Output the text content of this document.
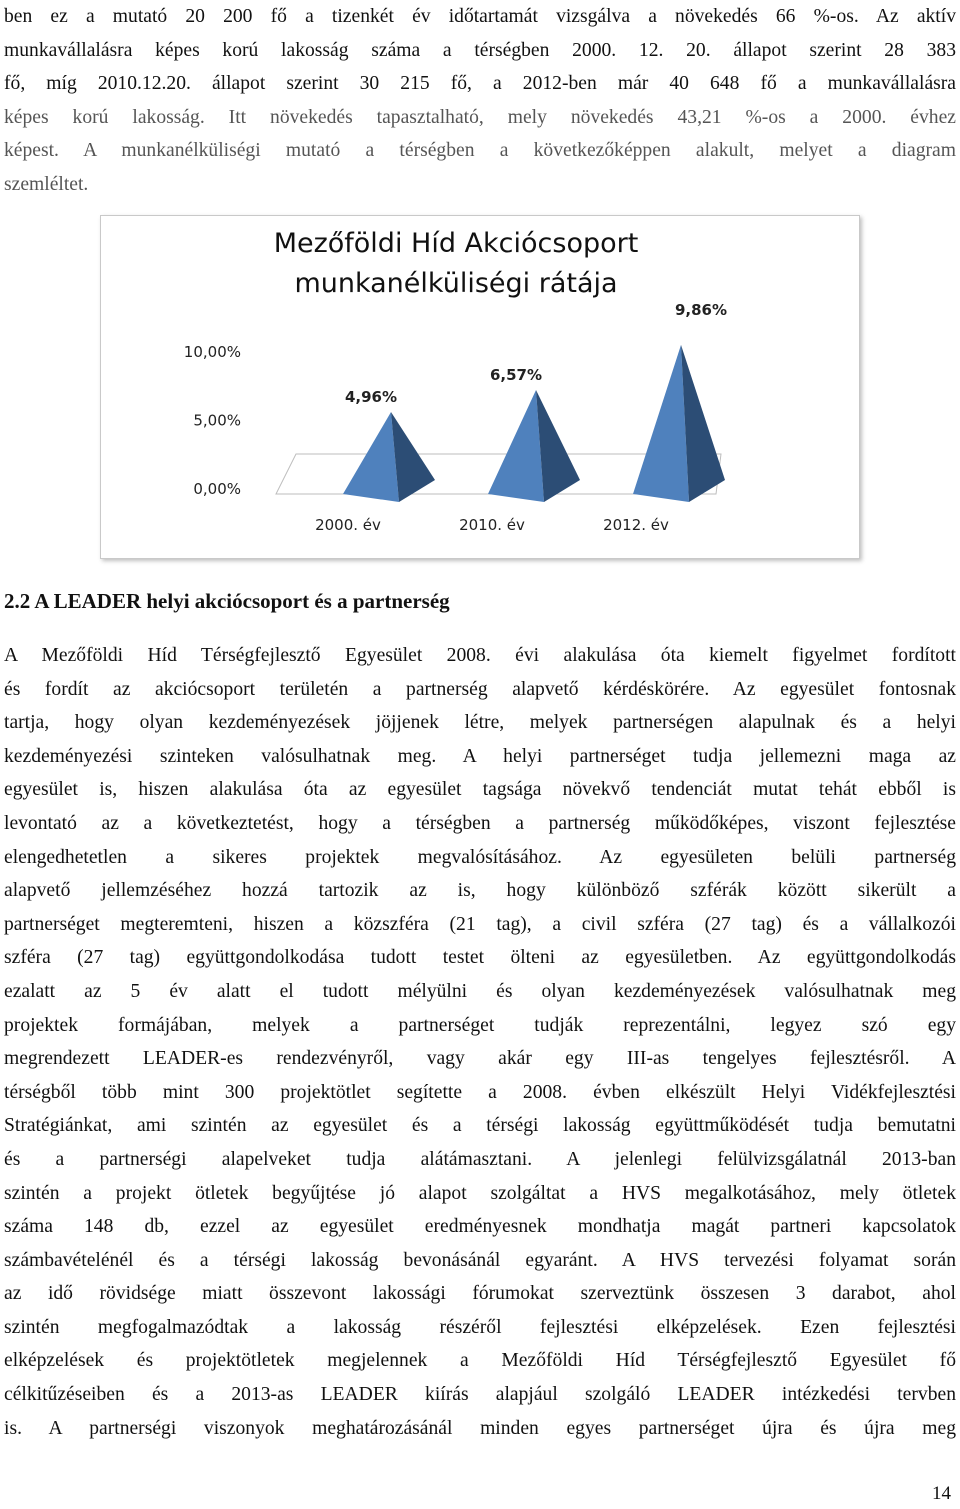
ben ez a mutató 20 200 fő a tizenkét év időtartamát vizsgálva a növekedés 66 %-os. Az aktív
munkavállalásra képes korú lakosság száma a térségben 2000. 12. 20. állapot szerint 28 383
fő, míg 2010.12.20. állapot szerint 30 215 fő, a 2012-ben már 40 648 fő a munkavállalásra
képes korú lakosság. Itt növekedés tapasztalható, mely növekedés 43,21 %-os a 2000. évhez
képest. A munkanélküliségi mutató a térségben a következőképpen alakult, melyet a diagram
szemléltet.
0,00%
5,00%
10,00%
4,96%
2000. év
6,57%
2010. év
9,86%
2012. év
Mezőföldi Híd Akciócsoport
munkanélküliségi rátája
2.2 A LEADER helyi akciócsoport és a partnerség
A Mezőföldi Híd Térségfejlesztő Egyesület 2008. évi alakulása óta kiemelt figyelmet fordított
és fordít az akciócsoport területén a partnerség alapvető kérdéskörére. Az egyesület fontosnak
tartja, hogy olyan kezdeményezések jöjjenek létre, melyek partnerségen alapulnak és a helyi
kezdeményezési szinteken valósulhatnak meg. A helyi partnerséget tudja jellemezni maga az
egyesület is, hiszen alakulása óta az egyesület tagsága növekvő tendenciát mutat tehát ebből is
levontató az a következtetést, hogy a térségben a partnerség működőképes, viszont fejlesztése
elengedhetetlen a sikeres projektek megvalósításához. Az egyesületen belüli partnerség
alapvető jellemzéséhez hozzá tartozik az is, hogy különböző szférák között sikerült a
partnerséget megteremteni, hiszen a közszféra (21 tag), a civil szféra (27 tag) és a vállalkozói
szféra (27 tag) együttgondolkodása tudott testet ölteni az egyesületben. Az együttgondolkodás
ezalatt az 5 év alatt el tudott mélyülni és olyan kezdeményezések valósulhatnak meg
projektek formájában, melyek a partnerséget tudják reprezentálni, legyez szó egy
megrendezett LEADER-es rendezvényről, vagy akár egy III-as tengelyes fejlesztésről. A
térségből több mint 300 projektötlet segítette a 2008. évben elkészült Helyi Vidékfejlesztési
Stratégiánkat, ami szintén az egyesület és a térségi lakosság együttműködését tudja bemutatni
és a partnerségi alapelveket tudja alátámasztani. A jelenlegi felülvizsgálatnál 2013-ban
szintén a projekt ötletek begyűjtése jó alapot szolgáltat a HVS megalkotásához, mely ötletek
száma 148 db, ezzel az egyesület eredményesnek mondhatja magát partneri kapcsolatok
számbavételénél és a térségi lakosság bevonásánál egyaránt. A HVS tervezési folyamat során
az idő rövidsége miatt összevont lakossági fórumokat szerveztünk összesen 3 darabot, ahol
szintén megfogalmazódtak a lakosság részéről fejlesztési elképzelések. Ezen fejlesztési
elképzelések és projektötletek megjelennek a Mezőföldi Híd Térségfejlesztő Egyesület fő
célkitűzéseiben és a 2013-as LEADER kiírás alapjául szolgáló LEADER intézkedési tervben
is. A partnerségi viszonyok meghatározásánál minden egyes partnerséget újra és újra meg
14
